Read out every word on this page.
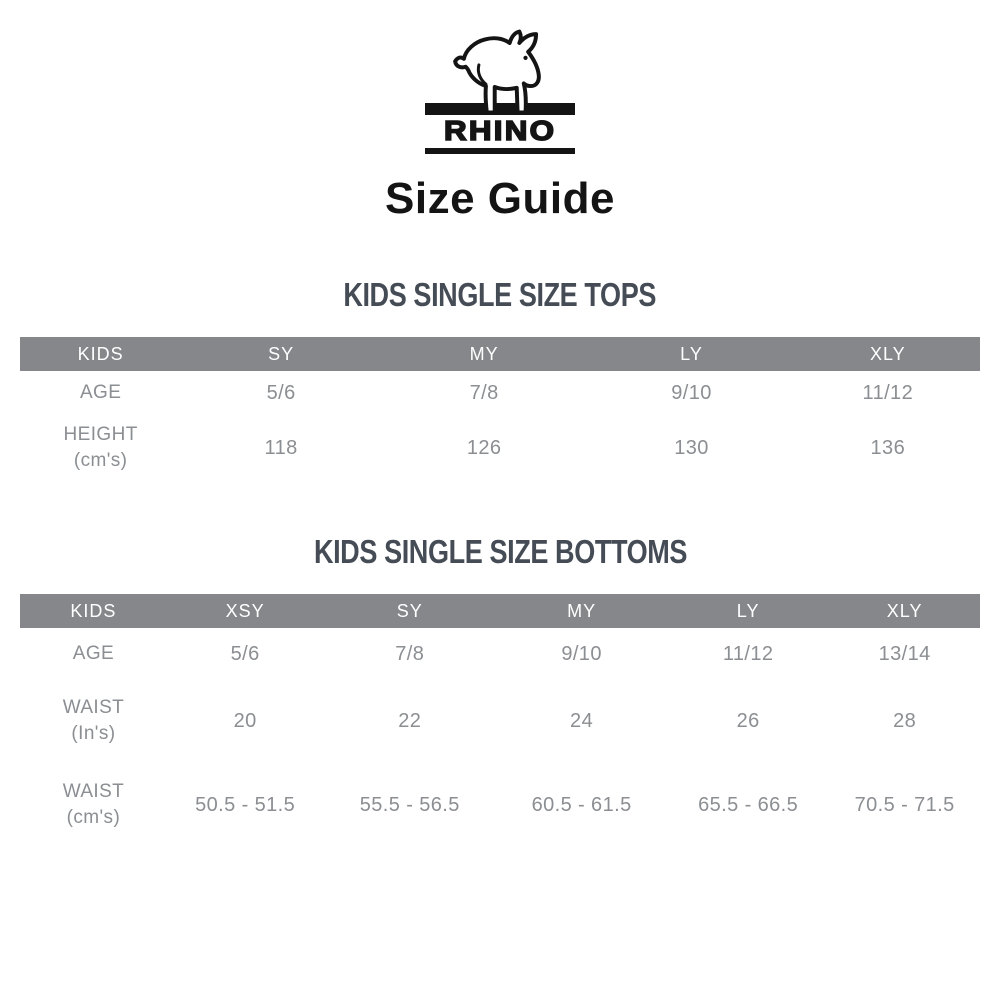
RHINO
Size Guide
KIDS SINGLE SIZE TOPS
KIDS	SY	MY	LY	XLY
AGE	5/6	7/8	9/10	11/12
HEIGHT
(cm's)	118	126	130	136
KIDS SINGLE SIZE BOTTOMS
KIDS	XSY	SY	MY	LY	XLY
AGE	5/6	7/8	9/10	11/12	13/14
WAIST
(In's)	20	22	24	26	28
WAIST
(cm's)	50.5 - 51.5	55.5 - 56.5	60.5 - 61.5	65.5 - 66.5	70.5 - 71.5
